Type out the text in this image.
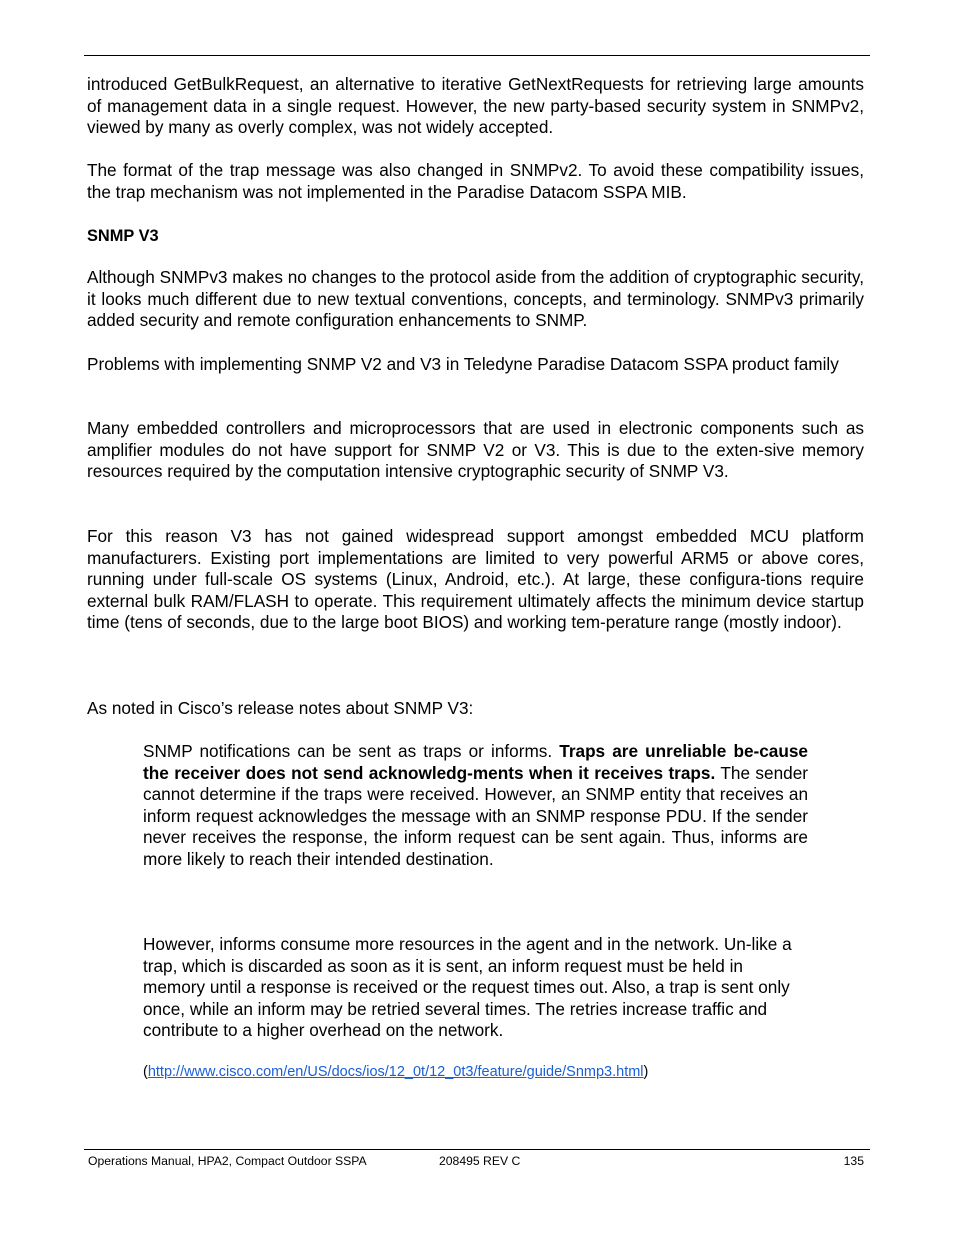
introduced GetBulkRequest, an alternative to iterative GetNextRequests for retrieving large amounts of management data in a single request. However, the new party-based security system in SNMPv2, viewed by many as overly complex, was not widely accepted.

The format of the trap message was also changed in SNMPv2. To avoid these compatibility issues, the trap mechanism was not implemented in the Paradise Datacom SSPA MIB.

SNMP V3

Although SNMPv3 makes no changes to the protocol aside from the addition of cryptographic security, it looks much different due to new textual conventions, concepts, and terminology. SNMPv3 primarily added security and remote configuration enhancements to SNMP.

Problems with implementing SNMP V2 and V3 in Teledyne Paradise Datacom SSPA product family

Many embedded controllers and microprocessors that are used in electronic components such as amplifier modules do not have support for SNMP V2 or V3. This is due to the exten-sive memory resources required by the computation intensive cryptographic security of SNMP V3.

For this reason V3 has not gained widespread support amongst embedded MCU platform manufacturers. Existing port implementations are limited to very powerful ARM5 or above cores, running under full-scale OS systems (Linux, Android, etc.). At large, these configura-tions require external bulk RAM/FLASH to operate. This requirement ultimately affects the minimum device startup time (tens of seconds, due to the large boot BIOS) and working tem-perature range (mostly indoor).

As noted in Cisco’s release notes about SNMP V3:

SNMP notifications can be sent as traps or informs. Traps are unreliable be-cause the receiver does not send acknowledg-ments when it receives traps. The sender cannot determine if the traps were received. However, an SNMP entity that receives an inform request acknowledges the message with an SNMP response PDU. If the sender never receives the response, the inform request can be sent again. Thus, informs are more likely to reach their intended destination.

However, informs consume more resources in the agent and in the network. Un-like a trap, which is discarded as soon as it is sent, an inform request must be held in memory until a response is received or the request times out. Also, a trap is sent only once, while an inform may be retried several times. The retries increase traffic and contribute to a higher overhead on the network.

(http://www.cisco.com/en/US/docs/ios/12_0t/12_0t3/feature/guide/Snmp3.html)

Operations Manual, HPA2, Compact Outdoor SSPA	208495 REV C	135
